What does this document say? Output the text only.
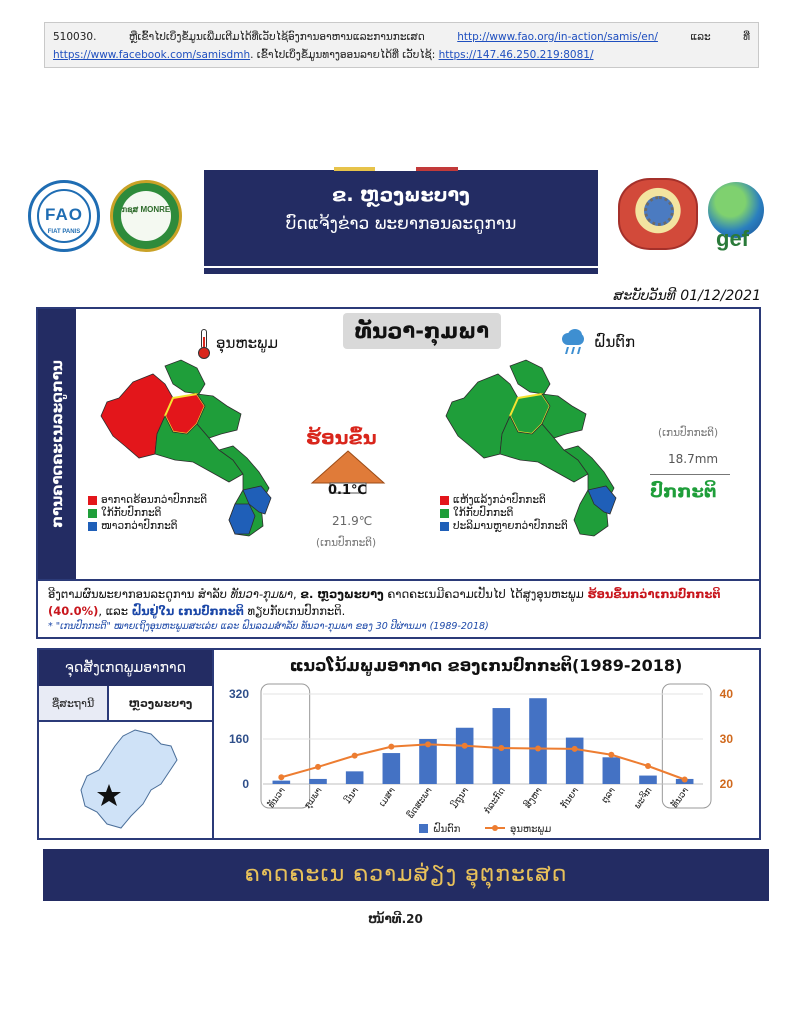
510030.	ຫຼືເຂົ້າໄປເບິ່ງຂໍ້ມູນເພີ່ມເຕີມໄດ້ທີ່ເວັບໄຊ້ອົງການອາຫານແລະການກະເສດ	http://www.fao.org/in-action/samis/en/	ແລະ	ທີ່
https://www.facebook.com/samisdmh. ເຂົ້າໄປເບິ່ງຂໍ້ມູນທາງອອນລາຍໄດ້ທີ່ ເວັບໄຊ້: https://147.46.250.219:8081/
FAO
FIAT PANIS
ກຊສ MONRE
ຂ. ຫຼວງພະບາງ
ບົດແຈ້ງຂ່າວ ພະຍາກອນລະດູການ
gef
ສະບັບວັນທີ 01/12/2021
ການຄາດຄະເນລະດູການ
ທັນວາ-ກຸມພາ
ອຸນຫະພູມ	ຝົນຕົກ
ຮ້ອນຂຶ້ນ
0.1℃
21.9℃
(ເກນປົກກະຕິ)
ອາກາດຮ້ອນກວ່າປົກກະຕິ
ໃກ້ກັບປົກກະຕິ
ໜາວກວ່າປົກກະຕິ
(ເກນປົກກະຕິ)
18.7mm
ປົກກະຕິ
ແຫ້ງແລ້ງກວ່າປົກກະຕິ
ໃກ້ກັບປົກກະຕິ
ປະລິມານຫຼາຍກວ່າປົກກະຕິ
ອີງຕາມຜົນພະຍາກອນລະດູການ ສໍາລັບ ທັນວາ-ກຸມພາ, ຂ. ຫຼວງພະບາງ ຄາດຄະເນມີຄວາມເປັນໄປ ໄດ້ສູງອຸນຫະພູມ ຮ້ອນຂຶ້ນກວ່າເກນປົກກະຕິ (40.0%), ແລະ ຝົນຢູ່ໃນ ເກນປົກກະຕິ ທຽບກັບເກນປົກກະຕິ.
* "ເກນປົກກະຕິ" ໝາຍເຖິງອຸນຫະພູມສະເລ່ຍ ແລະ ຝົນລວມສໍາລັບ ທັນວາ-ກຸມພາ ຂອງ 30 ປີຜ່ານມາ (1989-2018)
ຈຸດສັງເກດພູມອາກາດ
ຊື່ສະຖານີ	ຫຼວງພະບາງ
ແນວໂນ້ມພູມອາກາດ ຂອງເກນປົກກະຕິ(1989-2018)
320
160
0
40
30
20
ທັນວາ ກຸມພາ ມີນາ ເມສາ ພຶດສະພາ ມິຖຸນາ ກໍລະກົດ ສິງຫາ ກັນຍາ ຕຸລາ ພະຈິກ ທັນວາ
ຝົນຕົກ	ອຸນຫະພູມ
ຄາດຄະເນ ຄວາມສ່ຽງ ອຸຕຸກະເສດ
ໜ້າທີ.20
